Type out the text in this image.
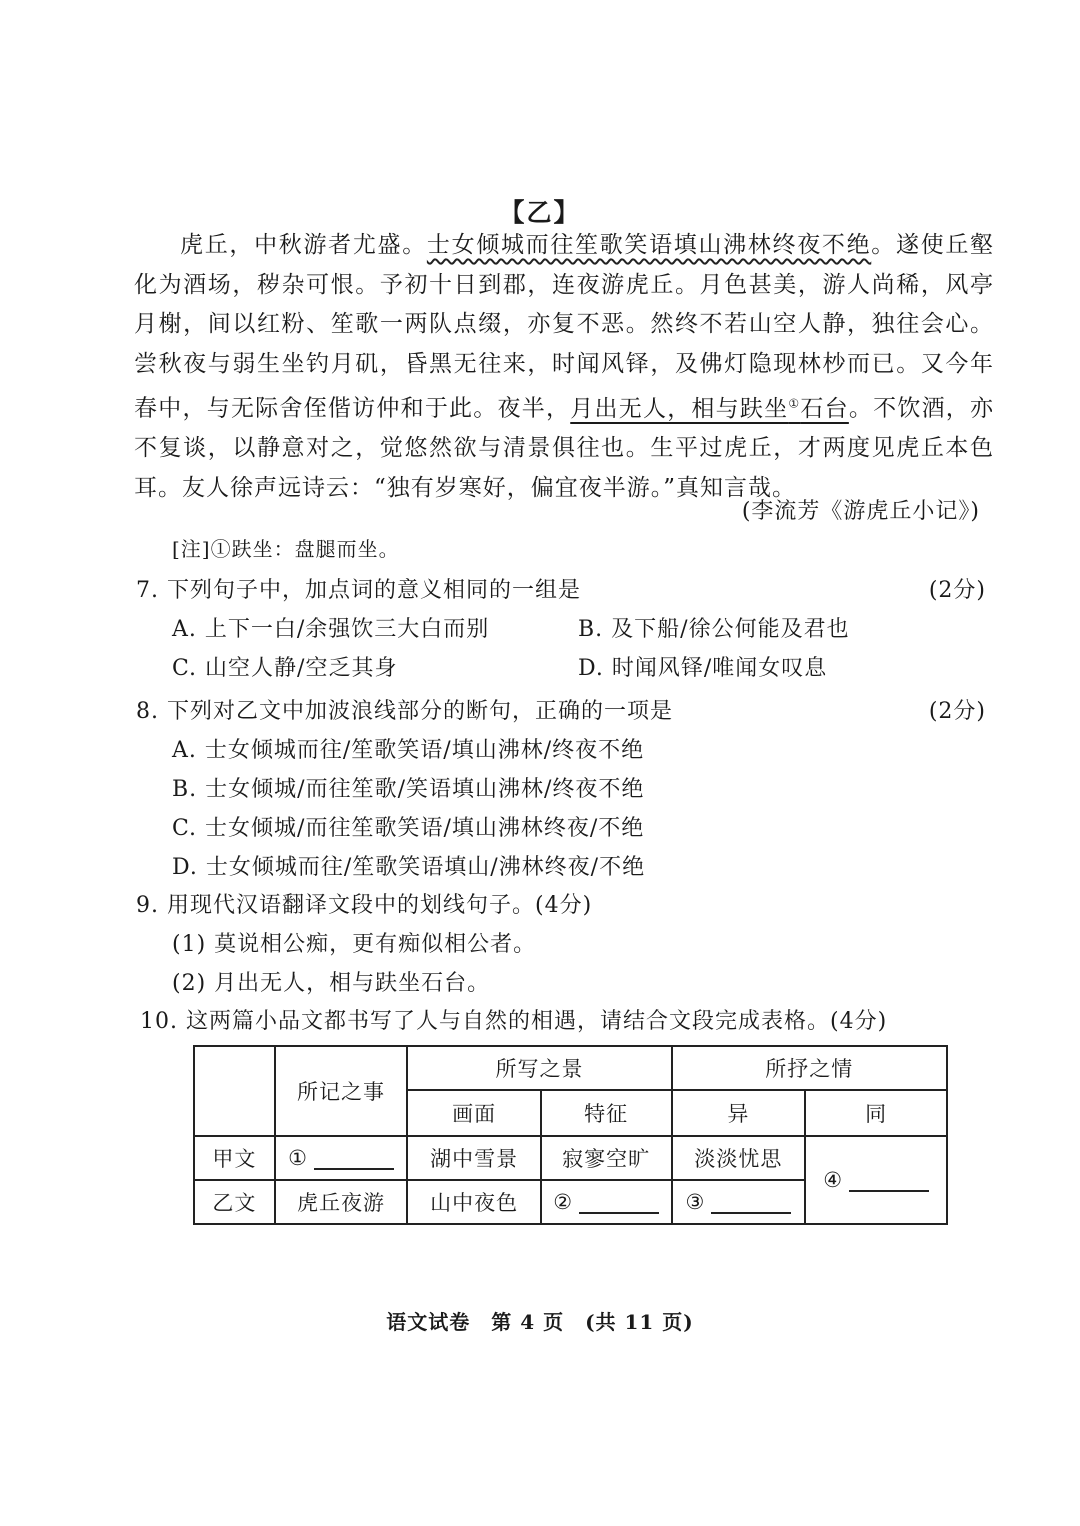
【乙】
虎丘，中秋游者尤盛。士女倾城而往笙歌笑语填山沸林终夜不绝。遂使丘壑化为酒场，秽杂可恨。予初十日到郡，连夜游虎丘。月色甚美，游人尚稀，风亭月榭，间以红粉、笙歌一两队点缀，亦复不恶。然终不若山空人静，独往会心。尝秋夜与弱生坐钓月矶，昏黑无往来，时闻风铎，及佛灯隐现林杪而已。又今年春中，与无际舍侄偕访仲和于此。夜半，月出无人，相与趺坐①石台。不饮酒，亦不复谈，以静意对之，觉悠然欲与清景俱往也。生平过虎丘，才两度见虎丘本色耳。友人徐声远诗云：“独有岁寒好，偏宜夜半游。”真知言哉。
(李流芳《游虎丘小记》)
[注]①趺坐：盘腿而坐。
7. 下列句子中，加点词的意义相同的一组是	(2分)
A. 上下一白/余强饮三大白而别	B. 及下船/徐公何能及君也
C. 山空人静/空乏其身	D. 时闻风铎/唯闻女叹息
8. 下列对乙文中加波浪线部分的断句，正确的一项是	(2分)
A. 士女倾城而往/笙歌笑语/填山沸林/终夜不绝
B. 士女倾城/而往笙歌/笑语填山沸林/终夜不绝
C. 士女倾城/而往笙歌笑语/填山沸林终夜/不绝
D. 士女倾城而往/笙歌笑语填山/沸林终夜/不绝
9. 用现代汉语翻译文段中的划线句子。(4分)
(1) 莫说相公痴，更有痴似相公者。
(2) 月出无人，相与趺坐石台。
10. 这两篇小品文都书写了人与自然的相遇，请结合文段完成表格。(4分)
	所记之事	所写之景		所抒之情	
		画面	特征	异	同
甲文	①	湖中雪景	寂寥空旷	淡淡忧思	④
乙文	虎丘夜游	山中夜色	②	③	
语文试卷　第 4 页　(共 11 页)
